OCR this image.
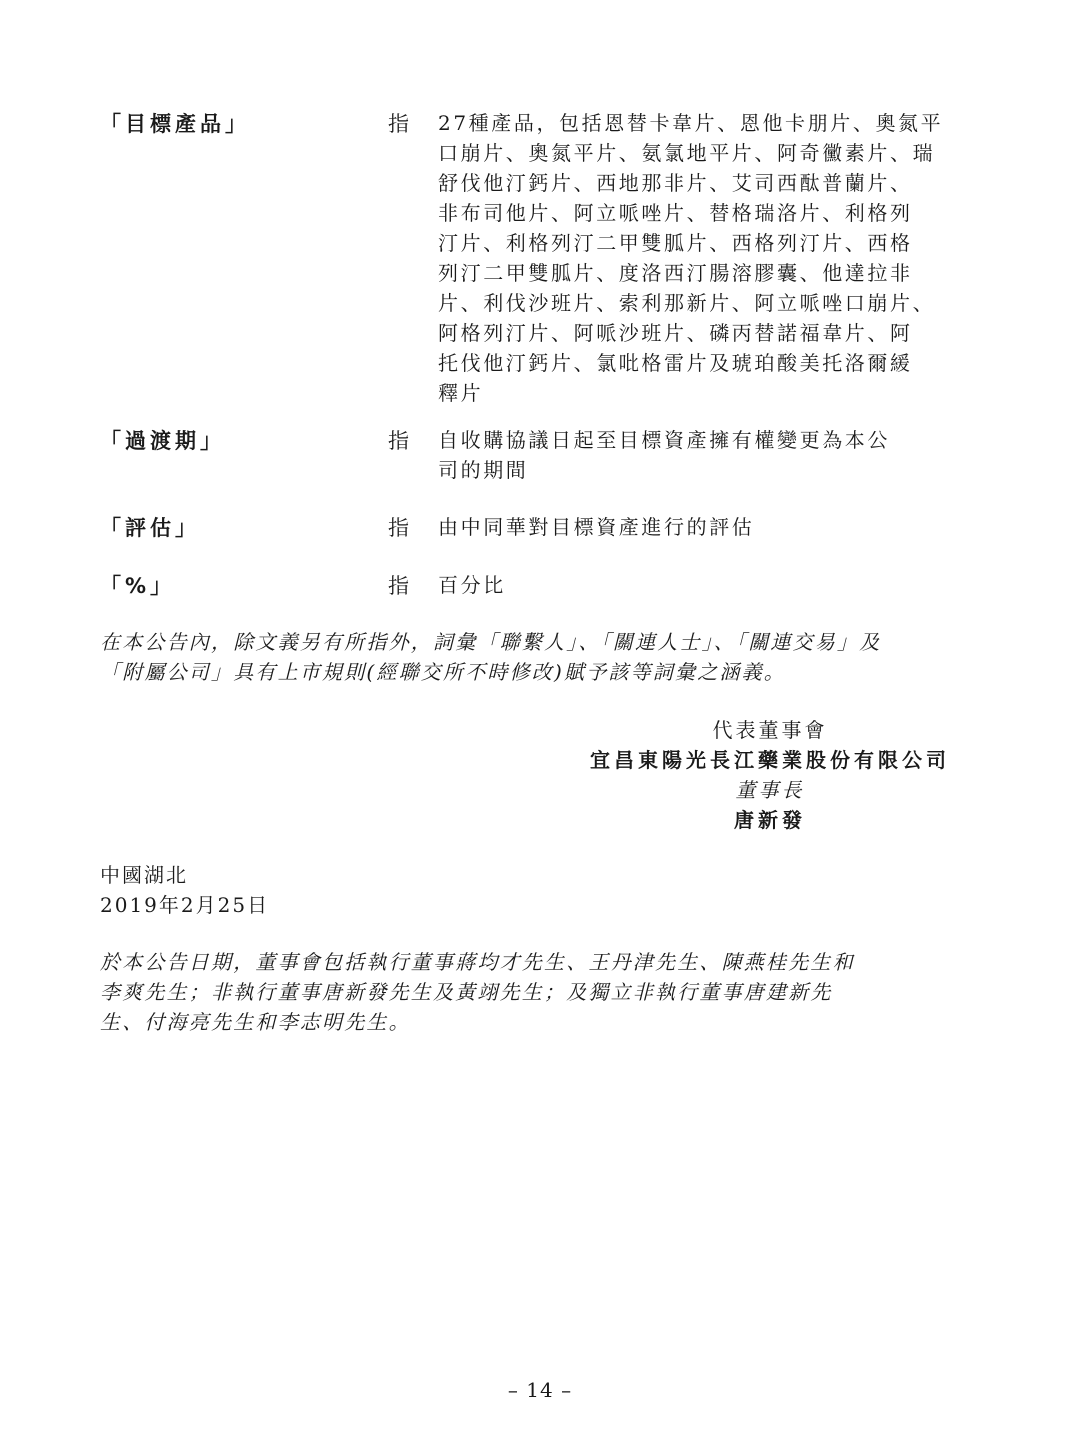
「目標產品」	指 27種產品，包括恩替卡韋片、恩他卡朋片、奧氮平
口崩片、奧氮平片、氨氯地平片、阿奇黴素片、瑞
舒伐他汀鈣片、西地那非片、艾司西酞普蘭片、
非布司他片、阿立哌唑片、替格瑞洛片、利格列
汀片、利格列汀二甲雙胍片、西格列汀片、西格
列汀二甲雙胍片、度洛西汀腸溶膠囊、他達拉非
片、利伐沙班片、索利那新片、阿立哌唑口崩片、
阿格列汀片、阿哌沙班片、磷丙替諾福韋片、阿
托伐他汀鈣片、氯吡格雷片及琥珀酸美托洛爾緩
釋片
「過渡期」	指 自收購協議日起至目標資產擁有權變更為本公
司的期間
「評估」	指 由中同華對目標資產進行的評估
「%」	指 百分比
在本公告內，除文義另有所指外，詞彙「聯繫人」、「關連人士」、「關連交易」及
「附屬公司」具有上市規則(經聯交所不時修改)賦予該等詞彙之涵義。
代表董事會
宜昌東陽光長江藥業股份有限公司
董事長
唐新發
中國湖北
2019年2月25日
於本公告日期，董事會包括執行董事蔣均才先生、王丹津先生、陳燕桂先生和
李爽先生；非執行董事唐新發先生及黃翊先生；及獨立非執行董事唐建新先
生、付海亮先生和李志明先生。
– 14 –
